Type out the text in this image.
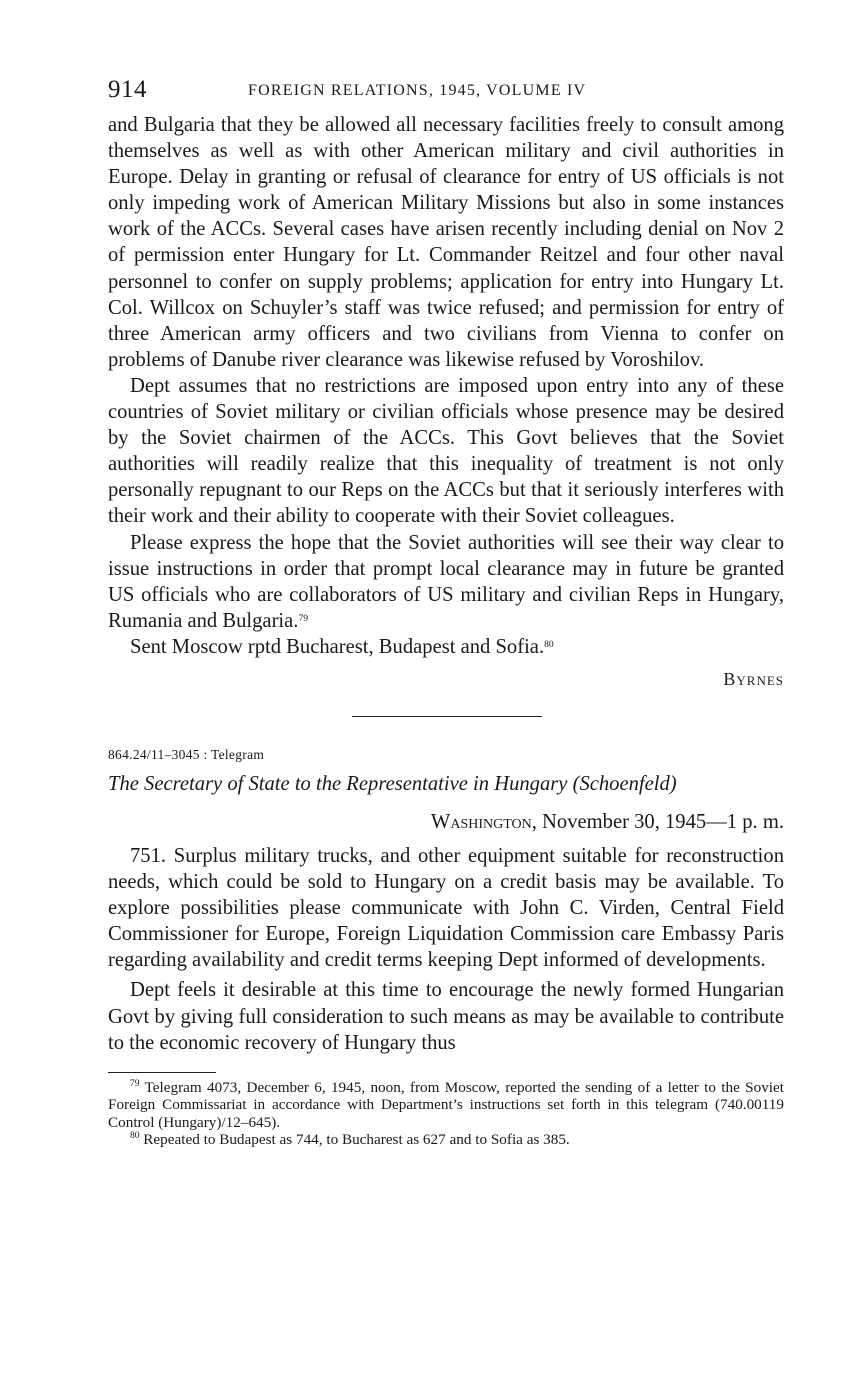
914	FOREIGN RELATIONS, 1945, VOLUME IV

and Bulgaria that they be allowed all necessary facilities freely to consult among themselves as well as with other American military and civil authorities in Europe. Delay in granting or refusal of clearance for entry of US officials is not only impeding work of American Military Missions but also in some instances work of the ACCs. Several cases have arisen recently including denial on Nov 2 of permission enter Hungary for Lt. Commander Reitzel and four other naval personnel to confer on supply problems; application for entry into Hungary Lt. Col. Willcox on Schuyler’s staff was twice refused; and permission for entry of three American army officers and two civilians from Vienna to confer on problems of Danube river clearance was likewise refused by Voroshilov.

Dept assumes that no restrictions are imposed upon entry into any of these countries of Soviet military or civilian officials whose presence may be desired by the Soviet chairmen of the ACCs. This Govt believes that the Soviet authorities will readily realize that this inequality of treatment is not only personally repugnant to our Reps on the ACCs but that it seriously interferes with their work and their ability to cooperate with their Soviet colleagues.

Please express the hope that the Soviet authorities will see their way clear to issue instructions in order that prompt local clearance may in future be granted US officials who are collaborators of US military and civilian Reps in Hungary, Rumania and Bulgaria.$^{79}$

Sent Moscow rptd Bucharest, Budapest and Sofia.$^{80}$

Byrnes
864.24/11–3045 : Telegram
The Secretary of State to the Representative in Hungary (Schoenfeld)
Washington, November 30, 1945—1 p. m.

751. Surplus military trucks, and other equipment suitable for reconstruction needs, which could be sold to Hungary on a credit basis may be available. To explore possibilities please communicate with John C. Virden, Central Field Commissioner for Europe, Foreign Liquidation Commission care Embassy Paris regarding availability and credit terms keeping Dept informed of developments.

Dept feels it desirable at this time to encourage the newly formed Hungarian Govt by giving full consideration to such means as may be available to contribute to the economic recovery of Hungary thus

$^{79}$ Telegram 4073, December 6, 1945, noon, from Moscow, reported the sending of a letter to the Soviet Foreign Commissariat in accordance with Department’s instructions set forth in this telegram (740.00119 Control (Hungary)/12–645).

$^{80}$ Repeated to Budapest as 744, to Bucharest as 627 and to Sofia as 385.
